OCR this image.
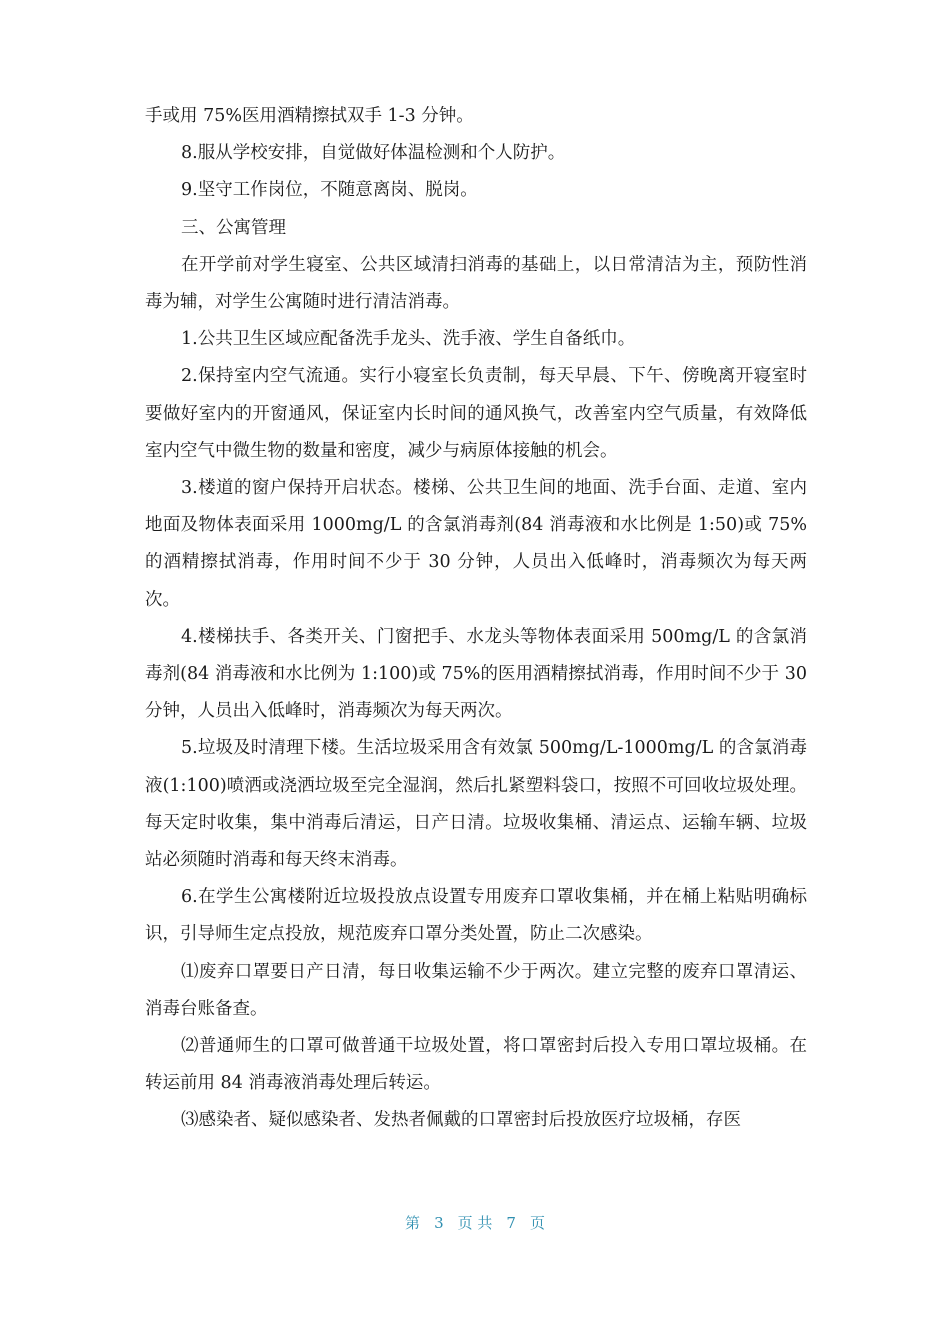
手或用 75%医用酒精擦拭双手 1-3 分钟。

8.服从学校安排，自觉做好体温检测和个人防护。

9.坚守工作岗位，不随意离岗、脱岗。

三、公寓管理

在开学前对学生寝室、公共区域清扫消毒的基础上，以日常清洁为主，预防性消毒为辅，对学生公寓随时进行清洁消毒。

1.公共卫生区域应配备洗手龙头、洗手液、学生自备纸巾。

2.保持室内空气流通。实行小寝室长负责制，每天早晨、下午、傍晚离开寝室时要做好室内的开窗通风，保证室内长时间的通风换气，改善室内空气质量，有效降低室内空气中微生物的数量和密度，减少与病原体接触的机会。

3.楼道的窗户保持开启状态。楼梯、公共卫生间的地面、洗手台面、走道、室内地面及物体表面采用 1000mg/L 的含氯消毒剂(84 消毒液和水比例是 1:50)或 75%的酒精擦拭消毒，作用时间不少于 30 分钟，人员出入低峰时，消毒频次为每天两次。

4.楼梯扶手、各类开关、门窗把手、水龙头等物体表面采用 500mg/L 的含氯消毒剂(84 消毒液和水比例为 1:100)或 75%的医用酒精擦拭消毒，作用时间不少于 30 分钟，人员出入低峰时，消毒频次为每天两次。

5.垃圾及时清理下楼。生活垃圾采用含有效氯 500mg/L-1000mg/L 的含氯消毒液(1:100)喷洒或浇洒垃圾至完全湿润，然后扎紧塑料袋口，按照不可回收垃圾处理。每天定时收集，集中消毒后清运，日产日清。垃圾收集桶、清运点、运输车辆、垃圾站必须随时消毒和每天终末消毒。

6.在学生公寓楼附近垃圾投放点设置专用废弃口罩收集桶，并在桶上粘贴明确标识，引导师生定点投放，规范废弃口罩分类处置，防止二次感染。

⑴废弃口罩要日产日清，每日收集运输不少于两次。建立完整的废弃口罩清运、消毒台账备查。

⑵普通师生的口罩可做普通干垃圾处置，将口罩密封后投入专用口罩垃圾桶。在转运前用 84 消毒液消毒处理后转运。

⑶感染者、疑似感染者、发热者佩戴的口罩密封后投放医疗垃圾桶，存医

第 3 页 共 7 页
